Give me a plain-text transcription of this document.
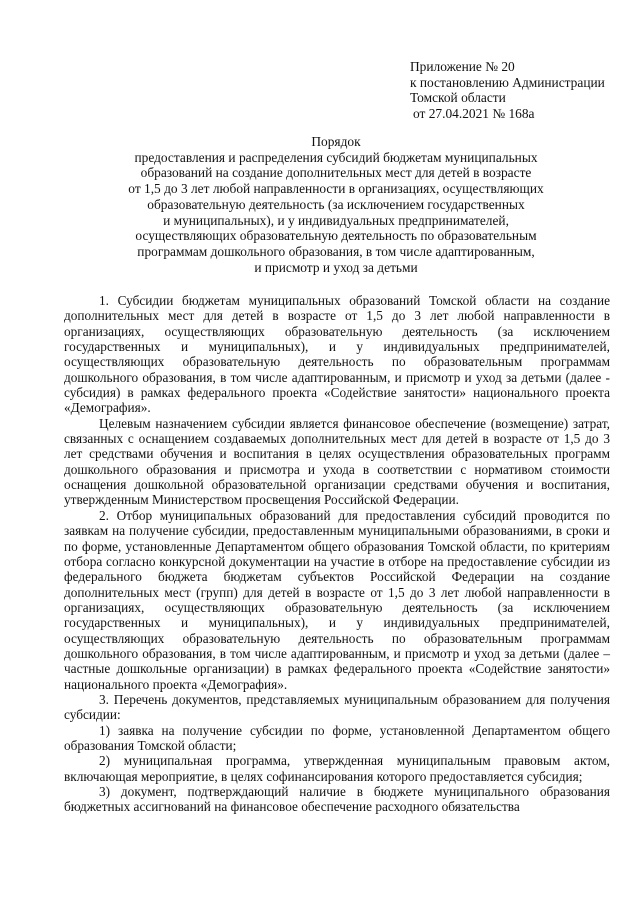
Приложение № 20
к постановлению Администрации
Томской области
от 27.04.2021 № 168а
Порядок
предоставления и распределения субсидий бюджетам муниципальных
образований на создание дополнительных мест для детей в возрасте
от 1,5 до 3 лет любой направленности в организациях, осуществляющих
образовательную деятельность (за исключением государственных
и муниципальных), и у индивидуальных предпринимателей,
осуществляющих образовательную деятельность по образовательным
программам дошкольного образования, в том числе адаптированным,
и присмотр и уход за детьми

1. Субсидии бюджетам муниципальных образований Томской области на создание дополнительных мест для детей в возрасте от 1,5 до 3 лет любой направленности в организациях, осуществляющих образовательную деятельность (за исключением государственных и муниципальных), и у индивидуальных предпринимателей, осуществляющих образовательную деятельность по образовательным программам дошкольного образования, в том числе адаптированным, и присмотр и уход за детьми (далее - субсидия) в рамках федерального проекта «Содействие занятости» национального проекта «Демография».

Целевым назначением субсидии является финансовое обеспечение (возмещение) затрат, связанных с оснащением создаваемых дополнительных мест для детей в возрасте от 1,5 до 3 лет средствами обучения и воспитания в целях осуществления образовательных программ дошкольного образования и присмотра и ухода в соответствии с нормативом стоимости оснащения дошкольной образовательной организации средствами обучения и воспитания, утвержденным Министерством просвещения Российской Федерации.

2. Отбор муниципальных образований для предоставления субсидий проводится по заявкам на получение субсидии, предоставленным муниципальными образованиями, в сроки и по форме, установленные Департаментом общего образования Томской области, по критериям отбора согласно конкурсной документации на участие в отборе на предоставление субсидии из федерального бюджета бюджетам субъектов Российской Федерации на создание дополнительных мест (групп) для детей в возрасте от 1,5 до 3 лет любой направленности в организациях, осуществляющих образовательную деятельность (за исключением государственных и муниципальных), и у индивидуальных предпринимателей, осуществляющих образовательную деятельность по образовательным программам дошкольного образования, в том числе адаптированным, и присмотр и уход за детьми (далее – частные дошкольные организации) в рамках федерального проекта «Содействие занятости» национального проекта «Демография».

3. Перечень документов, представляемых муниципальным образованием для получения субсидии:

1) заявка на получение субсидии по форме, установленной Департаментом общего образования Томской области;

2) муниципальная программа, утвержденная муниципальным правовым актом, включающая мероприятие, в целях софинансирования которого предоставляется субсидия;

3) документ, подтверждающий наличие в бюджете муниципального образования бюджетных ассигнований на финансовое обеспечение расходного обязательства
